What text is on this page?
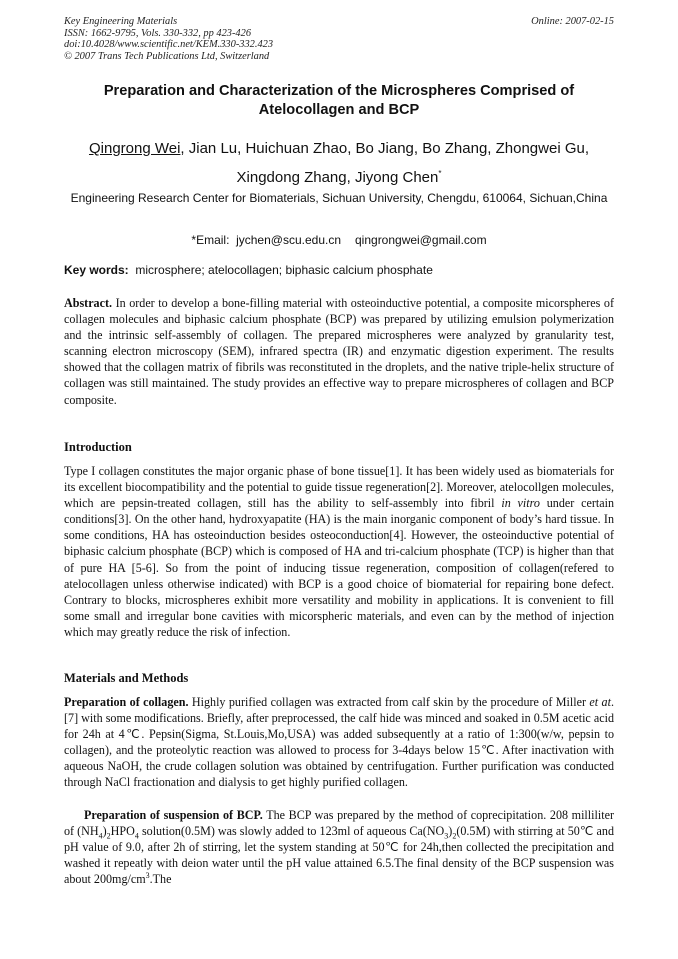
Key Engineering Materials
ISSN: 1662-9795, Vols. 330-332, pp 423-426
doi:10.4028/www.scientific.net/KEM.330-332.423
© 2007 Trans Tech Publications Ltd, Switzerland
Online: 2007-02-15
Preparation and Characterization of the Microspheres Comprised of Atelocollagen and BCP
Qingrong Wei, Jian Lu, Huichuan Zhao, Bo Jiang, Bo Zhang, Zhongwei Gu,
Xingdong Zhang, Jiyong Chen*
Engineering Research Center for Biomaterials, Sichuan University, Chengdu, 610064, Sichuan,China
*Email: jychen@scu.edu.cn qingrongwei@gmail.com
Key words: microsphere; atelocollagen; biphasic calcium phosphate
Abstract. In order to develop a bone-filling material with osteoinductive potential, a composite micorspheres of collagen molecules and biphasic calcium phosphate (BCP) was prepared by utilizing emulsion polymerization and the intrinsic self-assembly of collagen. The prepared microspheres were analyzed by granularity test, scanning electron microscopy (SEM), infrared spectra (IR) and enzymatic digestion experiment. The results showed that the collagen matrix of fibrils was reconstituted in the droplets, and the native triple-helix structure of collagen was still maintained. The study provides an effective way to prepare microspheres of collagen and BCP composite.
Introduction
Type I collagen constitutes the major organic phase of bone tissue[1]. It has been widely used as biomaterials for its excellent biocompatibility and the potential to guide tissue regeneration[2]. Moreover, atelocollgen molecules, which are pepsin-treated collagen, still has the ability to self-assembly into fibril in vitro under certain conditions[3]. On the other hand, hydroxyapatite (HA) is the main inorganic component of body’s hard tissue. In some conditions, HA has osteoinduction besides osteoconduction[4]. However, the osteoinductive potential of biphasic calcium phosphate (BCP) which is composed of HA and tri-calcium phosphate (TCP) is higher than that of pure HA [5-6]. So from the point of inducing tissue regeneration, composition of collagen(refered to atelocollagen unless otherwise indicated) with BCP is a good choice of biomaterial for repairing bone defect. Contrary to blocks, microspheres exhibit more versatility and mobility in applications. It is convenient to fill some small and irregular bone cavities with micorspheric materials, and even can by the method of injection which may greatly reduce the risk of infection.
Materials and Methods
Preparation of collagen. Highly purified collagen was extracted from calf skin by the procedure of Miller et at.[7] with some modifications. Briefly, after preprocessed, the calf hide was minced and soaked in 0.5M acetic acid for 24h at 4℃. Pepsin(Sigma, St.Louis,Mo,USA) was added subsequently at a ratio of 1:300(w/w, pepsin to collagen), and the proteolytic reaction was allowed to process for 3-4days below 15℃. After inactivation with aqueous NaOH, the crude collagen solution was obtained by centrifugation. Further purification was conducted through NaCl fractionation and dialysis to get highly purified collagen.
Preparation of suspension of BCP. The BCP was prepared by the method of coprecipitation. 208 milliliter of $(NH_4)_2HPO_4$ solution(0.5M) was slowly added to 123ml of aqueous $Ca(NO_3)_2(0.5M)$ with stirring at 50℃ and pH value of 9.0, after 2h of stirring, let the system standing at 50℃ for 24h,then collected the precipitation and washed it repeatly with deion water until the pH value attained 6.5.The final density of the BCP suspension was about $200mg/cm^3.The$
